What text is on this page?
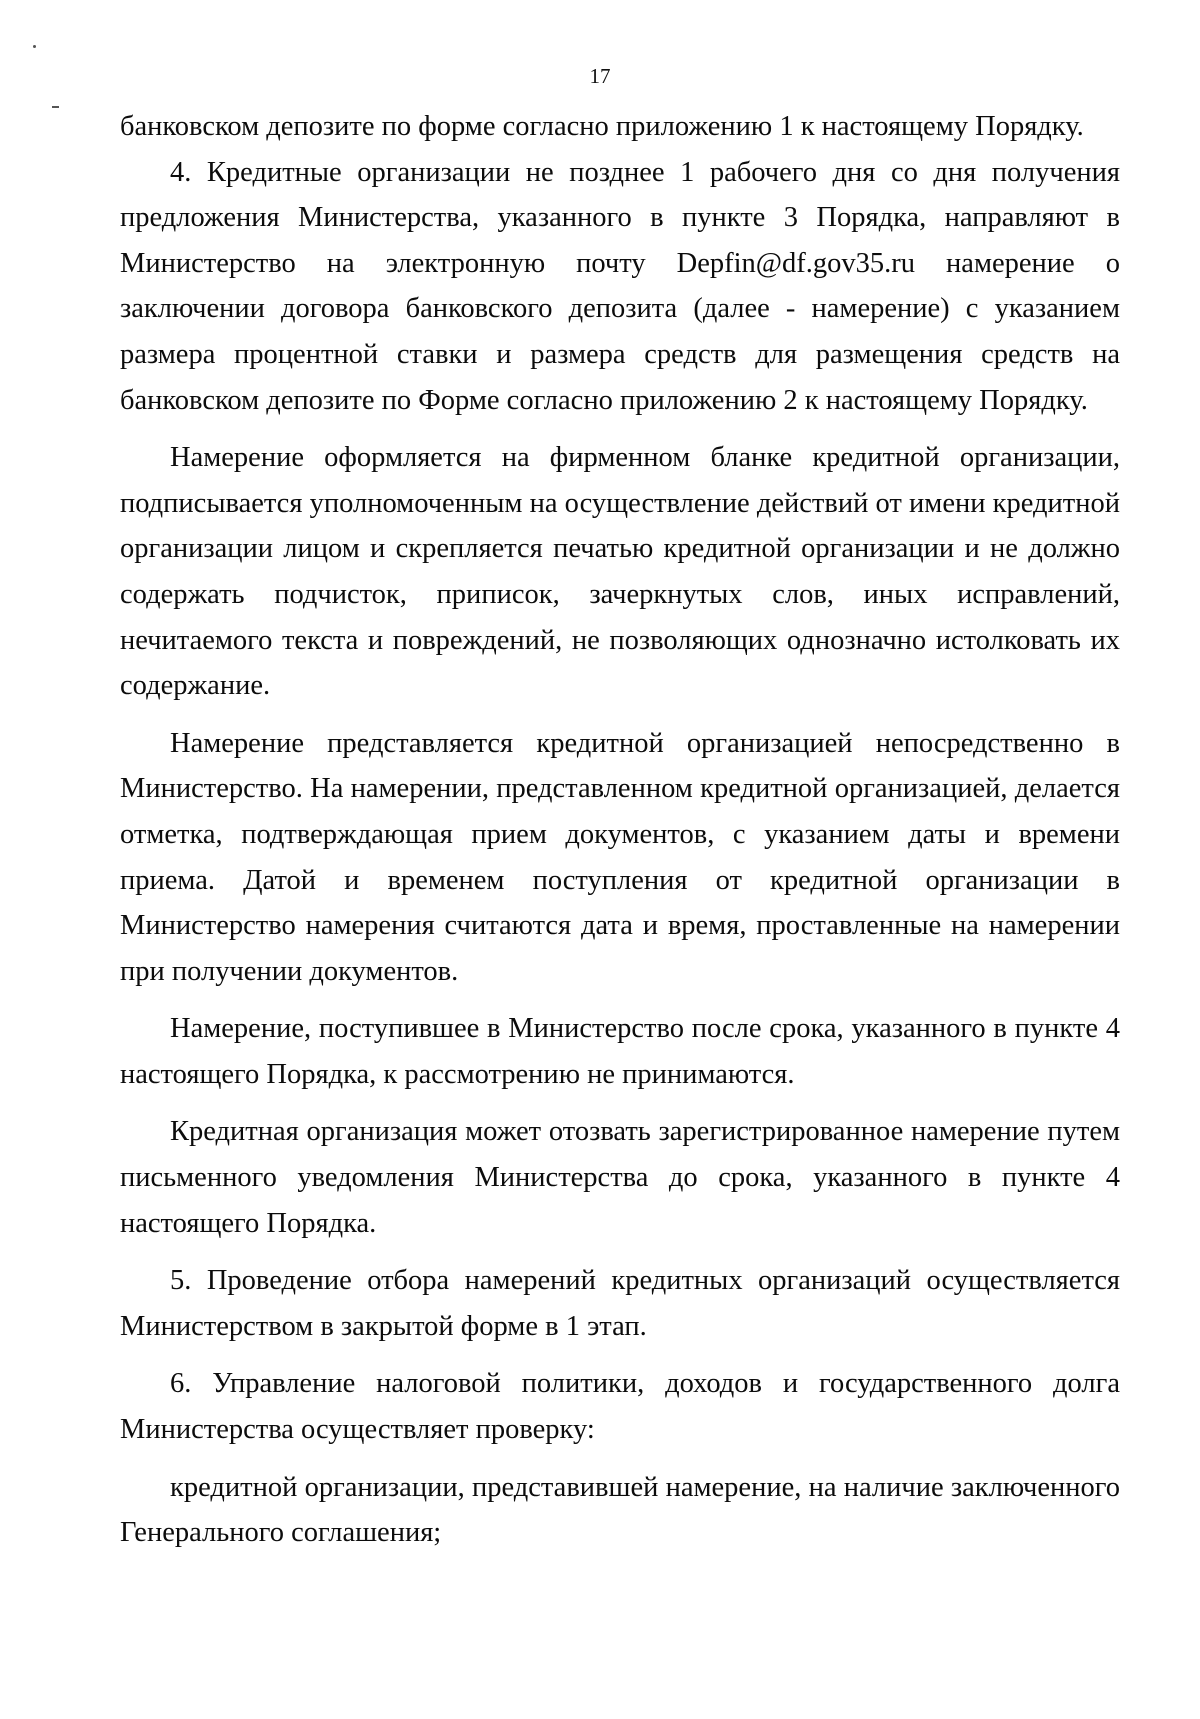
17

банковском депозите по форме согласно приложению 1 к настоящему Порядку.

4. Кредитные организации не позднее 1 рабочего дня со дня получения предложения Министерства, указанного в пункте 3 Порядка, направляют в Министерство на электронную почту Depfin@df.gov35.ru намерение о заключении договора банковского депозита (далее - намерение) с указанием размера процентной ставки и размера средств для размещения средств на банковском депозите по Форме согласно приложению 2 к настоящему Порядку.

Намерение оформляется на фирменном бланке кредитной организации, подписывается уполномоченным на осуществление действий от имени кредитной организации лицом и скрепляется печатью кредитной организации и не должно содержать подчисток, приписок, зачеркнутых слов, иных исправлений, нечитаемого текста и повреждений, не позволяющих однозначно истолковать их содержание.

Намерение представляется кредитной организацией непосредственно в Министерство. На намерении, представленном кредитной организацией, делается отметка, подтверждающая прием документов, с указанием даты и времени приема. Датой и временем поступления от кредитной организации в Министерство намерения считаются дата и время, проставленные на намерении при получении документов.

Намерение, поступившее в Министерство после срока, указанного в пункте 4 настоящего Порядка, к рассмотрению не принимаются.

Кредитная организация может отозвать зарегистрированное намерение путем письменного уведомления Министерства до срока, указанного в пункте 4 настоящего Порядка.

5. Проведение отбора намерений кредитных организаций осуществляется Министерством в закрытой форме в 1 этап.

6. Управление налоговой политики, доходов и государственного долга Министерства осуществляет проверку:

кредитной организации, представившей намерение, на наличие заключенного Генерального соглашения;
